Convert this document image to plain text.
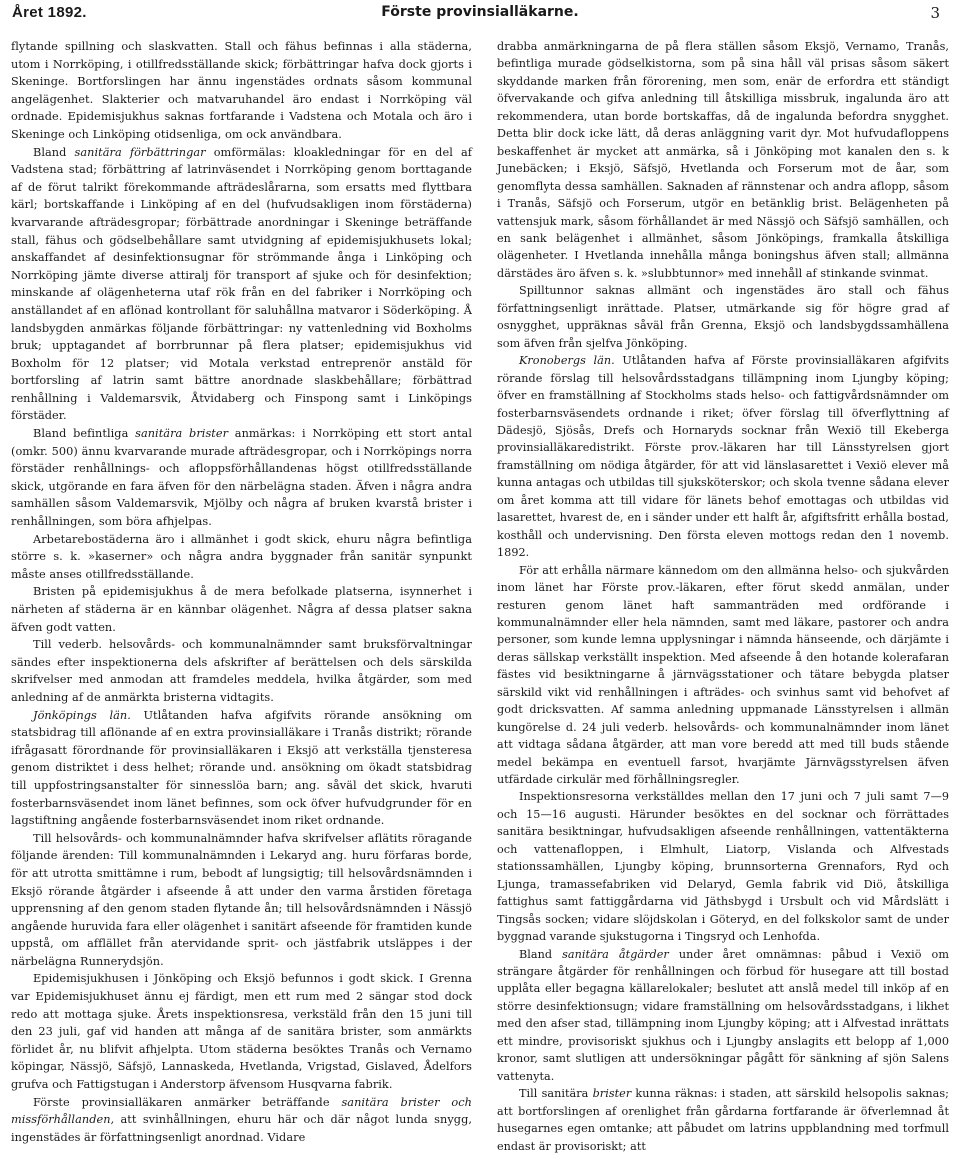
Året 1892.	Förste provinsialläkarne.	3

flytande spillning och slaskvatten. Stall och fähus befinnas i alla städerna, utom i Norrköping, i otillfredsställande skick; förbättringar hafva dock gjorts i Skeninge. Bortforslingen har ännu ingenstädes ordnats såsom kommunal angelägenhet. Slakterier och matvaruhandel äro endast i Norrköping väl ordnade. Epidemisjukhus saknas fortfarande i Vadstena och Motala och äro i Skeninge och Linköping otidsenliga, om ock användbara.

Bland sanitära förbättringar omförmälas: kloakledningar för en del af Vadstena stad; förbättring af latrinväsendet i Norrköping genom borttagande af de förut talrikt förekommande afträdeslårarna, som ersatts med flyttbara kärl; bortskaffande i Linköping af en del (hufvudsakligen inom förstäderna) kvarvarande afträdesgropar; förbättrade anordningar i Skeninge beträffande stall, fähus och gödselbehållare samt utvidgning af epidemisjukhusets lokal; anskaffandet af desinfektionsugnar för strömmande ånga i Linköping och Norrköping jämte diverse attiralj för transport af sjuke och för desinfektion; minskande af olägenheterna utaf rök från en del fabriker i Norrköping och anställandet af en aflönad kontrollant för saluhållna matvaror i Söderköping. Å landsbygden anmärkas följande förbättringar: ny vattenledning vid Boxholms bruk; upptagandet af borrbrunnar på flera platser; epidemisjukhus vid Boxholm för 12 platser; vid Motala verkstad entreprenör anstäld för bortforsling af latrin samt bättre anordnade slaskbehållare; förbättrad renhållning i Valdemarsvik, Åtvidaberg och Finspong samt i Linköpings förstäder.

Bland befintliga sanitära brister anmärkas: i Norrköping ett stort antal (omkr. 500) ännu kvarvarande murade afträdesgropar, och i Norrköpings norra förstäder renhållnings- och afloppsförhållandenas högst otillfredsställande skick, utgörande en fara äfven för den närbelägna staden. Äfven i några andra samhällen såsom Valdemarsvik, Mjölby och några af bruken kvarstå brister i renhållningen, som böra afhjelpas.

Arbetarebostäderna äro i allmänhet i godt skick, ehuru några befintliga större s. k. »kaserner» och några andra byggnader från sanitär synpunkt måste anses otillfredsställande.

Bristen på epidemisjukhus å de mera befolkade platserna, isynnerhet i närheten af städerna är en kännbar olägenhet. Några af dessa platser sakna äfven godt vatten.

Till vederb. helsovårds- och kommunalnämnder samt bruksförvaltningar sändes efter inspektionerna dels afskrifter af berättelsen och dels särskilda skrifvelser med anmodan att framdeles meddela, hvilka åtgärder, som med anledning af de anmärkta bristerna vidtagits.

Jönköpings län. Utlåtanden hafva afgifvits rörande ansökning om statsbidrag till aflönande af en extra provinsialläkare i Tranås distrikt; rörande ifrågasatt förordnande för provinsialläkaren i Eksjö att verkställa tjensteresa genom distriktet i dess helhet; rörande und. ansökning om ökadt statsbidrag till uppfostringsanstalter för sinnesslöa barn; ang. såväl det skick, hvaruti fosterbarnsväsendet inom länet befinnes, som ock öfver hufvudgrunder för en lagstiftning angående fosterbarnsväsendet inom riket ordnande.

Till helsovårds- och kommunalnämnder hafva skrifvelser aflätits röragande följande ärenden: Till kommunalnämnden i Lekaryd ang. huru förfaras borde, för att utrotta smittämne i rum, bebodt af lungsigtig; till helsovårdsnämnden i Eksjö rörande åtgärder i afseende å att under den varma årstiden företaga upprensning af den genom staden flytande ån; till helsovårdsnämnden i Nässjö angående huruvida fara eller olägenhet i sanitärt afseende för framtiden kunde uppstå, om afflället från atervidande sprit- och jästfabrik utsläppes i der närbelägna Runnerydsjön.

Epidemisjukhusen i Jönköping och Eksjö befunnos i godt skick. I Grenna var Epidemisjukhuset ännu ej färdigt, men ett rum med 2 sängar stod dock redo att mottaga sjuke. Årets inspektionsresa, verkstäld från den 15 juni till den 23 juli, gaf vid handen att många af de sanitära brister, som anmärkts förlidet år, nu blifvit afhjelpta. Utom städerna besöktes Tranås och Vernamo köpingar, Nässjö, Säfsjö, Lannaskeda, Hvetlanda, Vrigstad, Gislaved, Ådelfors grufva och Fattigstugan i Anderstorp äfvensom Husqvarna fabrik.

Förste provinsialläkaren anmärker beträffande sanitära brister och missförhållanden, att svinhållningen, ehuru här och där något lunda snygg, ingenstädes är författningsenligt anordnad. Vidare

drabba anmärkningarna de på flera ställen såsom Eksjö, Vernamo, Tranås, befintliga murade gödselkistorna, som på sina håll väl prisas såsom säkert skyddande marken från förorening, men som, enär de erfordra ett ständigt öfvervakande och gifva anledning till åtskilliga missbruk, ingalunda äro att rekommendera, utan borde bortskaffas, då de ingalunda befordra snygghet. Detta blir dock icke lätt, då deras anläggning varit dyr. Mot hufvudafloppens beskaffenhet är mycket att anmärka, så i Jönköping mot kanalen den s. k Junebäcken; i Eksjö, Säfsjö, Hvetlanda och Forserum mot de åar, som genomflyta dessa samhällen. Saknaden af rännstenar och andra aflopp, såsom i Tranås, Säfsjö och Forserum, utgör en betänklig brist. Belägenheten på vattensjuk mark, såsom förhållandet är med Nässjö och Säfsjö samhällen, och en sank belägenhet i allmänhet, såsom Jönköpings, framkalla åtskilliga olägenheter. I Hvetlanda innehålla många boningshus äfven stall; allmänna därstädes äro äfven s. k. »slubbtunnor» med innehåll af stinkande svinmat.

Spilltunnor saknas allmänt och ingenstädes äro stall och fähus författningsenligt inrättade. Platser, utmärkande sig för högre grad af osnygghet, uppräknas såväl från Grenna, Eksjö och landsbygdssamhällena som äfven från sjelfva Jönköping.

Kronobergs län. Utlåtanden hafva af Förste provinsialläkaren afgifvits rörande förslag till helsovårdsstadgans tillämpning inom Ljungby köping; öfver en framställning af Stockholms stads helso- och fattigvårdsnämnder om fosterbarnsväsendets ordnande i riket; öfver förslag till öfverflyttning af Dädesjö, Sjösås, Drefs och Hornaryds socknar från Wexiö till Ekeberga provinsialläkaredistrikt. Förste prov.-läkaren har till Länsstyrelsen gjort framställning om nödiga åtgärder, för att vid länslasarettet i Vexiö elever må kunna antagas och utbildas till sjuksköterskor; och skola tvenne sådana elever om året komma att till vidare för länets behof emottagas och utbildas vid lasarettet, hvarest de, en i sänder under ett halft år, afgiftsfritt erhålla bostad, kosthåll och undervisning. Den första eleven mottogs redan den 1 novemb. 1892.

För att erhålla närmare kännedom om den allmänna helso- och sjukvården inom länet har Förste prov.-läkaren, efter förut skedd anmälan, under resturen genom länet haft sammanträden med ordförande i kommunalnämnder eller hela nämnden, samt med läkare, pastorer och andra personer, som kunde lemna upplysningar i nämnda hänseende, och därjämte i deras sällskap verkställt inspektion. Med afseende å den hotande kolerafaran fästes vid besiktningarne å järnvägsstationer och tätare bebygda platser särskild vikt vid renhållningen i afträdes- och svinhus samt vid behofvet af godt dricksvatten. Af samma anledning uppmanade Länsstyrelsen i allmän kungörelse d. 24 juli vederb. helsovårds- och kommunalnämnder inom länet att vidtaga sådana åtgärder, att man vore beredd att med till buds stående medel bekämpa en eventuell farsot, hvarjämte Järnvägsstyrelsen äfven utfärdade cirkulär med förhållningsregler.

Inspektionsresorna verkställdes mellan den 17 juni och 7 juli samt 7—9 och 15—16 augusti. Härunder besöktes en del socknar och förrättades sanitära besiktningar, hufvudsakligen afseende renhållningen, vattentäkterna och vattenafloppen, i Elmhult, Liatorp, Vislanda och Alfvestads stationssamhällen, Ljungby köping, brunnsorterna Grennafors, Ryd och Ljunga, tramassefabriken vid Delaryd, Gemla fabrik vid Diö, åtskilliga fattighus samt fattiggårdarna vid Jäthsbygd i Ursbult och vid Mårdslätt i Tingsås socken; vidare slöjdskolan i Göteryd, en del folkskolor samt de under byggnad varande sjukstugorna i Tingsryd och Lenhofda.

Bland sanitära åtgärder under året omnämnas: påbud i Vexiö om strängare åtgärder för renhållningen och förbud för husegare att till bostad upplåta eller begagna källarelokaler; beslutet att anslå medel till inköp af en större desinfektionsugn; vidare framställning om helsovårdsstadgans, i likhet med den afser stad, tillämpning inom Ljungby köping; att i Alfvestad inrättats ett mindre, provisoriskt sjukhus och i Ljungby anslagits ett belopp af 1,000 kronor, samt slutligen att undersökningar pågått för sänkning af sjön Salens vattenyta.

Till sanitära brister kunna räknas: i staden, att särskild helsopolis saknas; att bortforslingen af orenlighet från gårdarna fortfarande är öfverlemnad åt husegarnes egen omtanke; att påbudet om latrins uppblandning med torfmull endast är provisoriskt; att
